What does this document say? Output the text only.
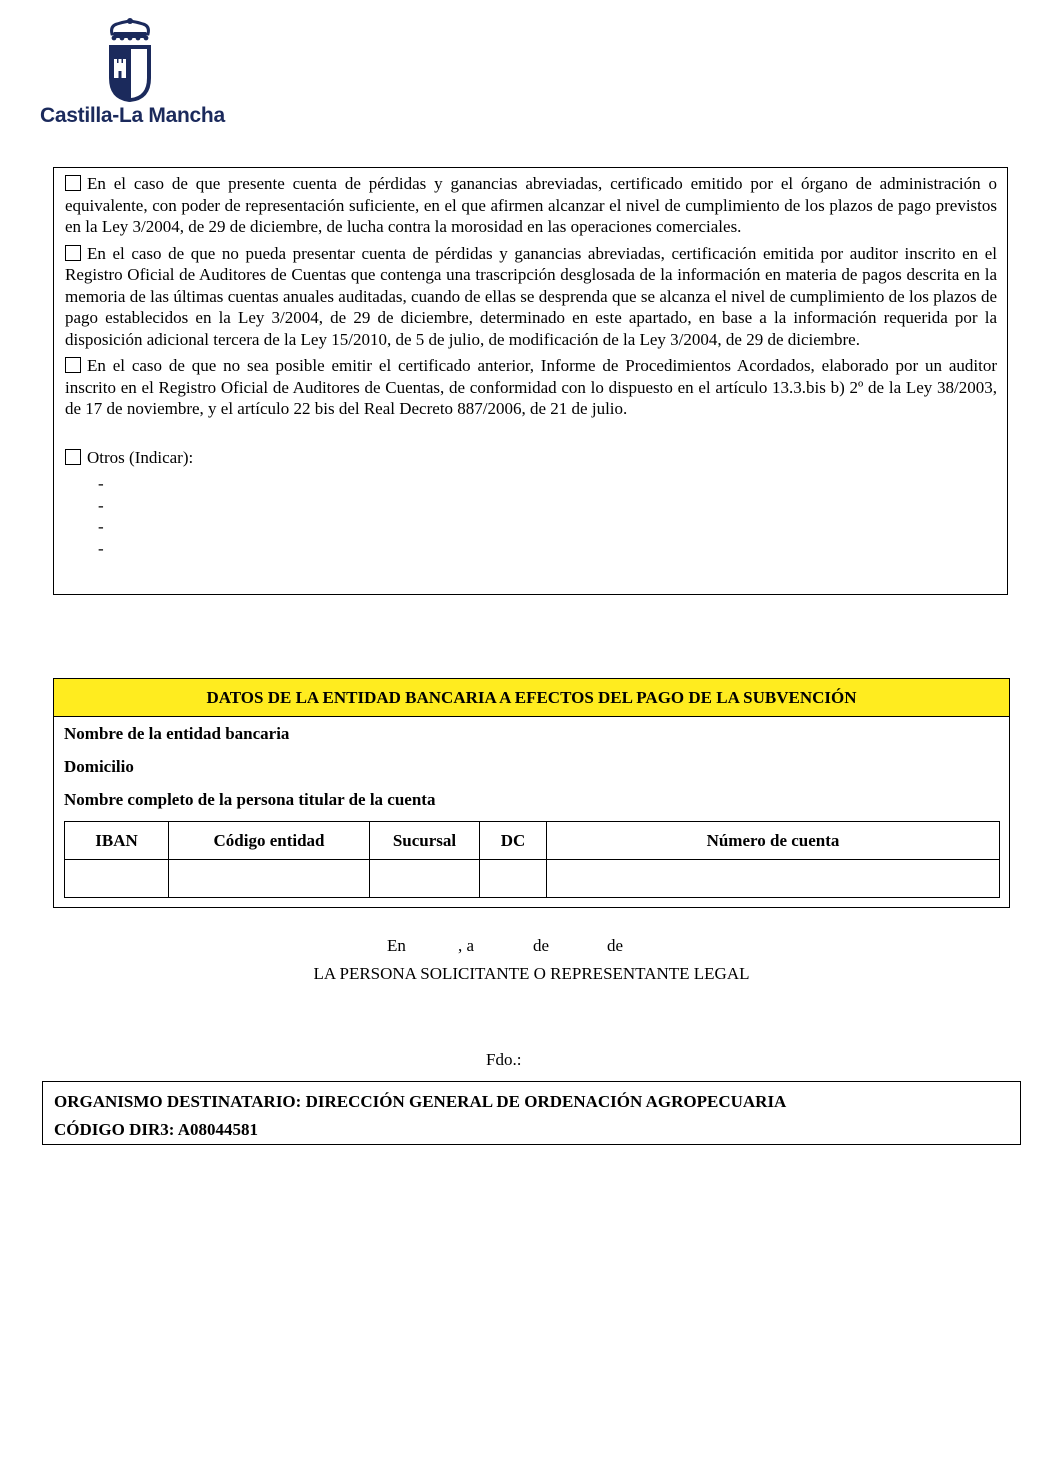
Castilla-La Mancha

En el caso de que presente cuenta de pérdidas y ganancias abreviadas, certificado emitido por el órgano de administración o equivalente, con poder de representación suficiente, en el que afirmen alcanzar el nivel de cumplimiento de los plazos de pago previstos en la Ley 3/2004, de 29 de diciembre, de lucha contra la morosidad en las operaciones comerciales.

En el caso de que no pueda presentar cuenta de pérdidas y ganancias abreviadas, certificación emitida por auditor inscrito en el Registro Oficial de Auditores de Cuentas que contenga una trascripción desglosada de la información en materia de pagos descrita en la memoria de las últimas cuentas anuales auditadas, cuando de ellas se desprenda que se alcanza el nivel de cumplimiento de los plazos de pago establecidos en la Ley 3/2004, de 29 de diciembre, determinado en este apartado, en base a la información requerida por la disposición adicional tercera de la Ley 15/2010, de 5 de julio, de modificación de la Ley 3/2004, de 29 de diciembre.

En el caso de que no sea posible emitir el certificado anterior, Informe de Procedimientos Acordados, elaborado por un auditor inscrito en el Registro Oficial de Auditores de Cuentas, de conformidad con lo dispuesto en el artículo 13.3.bis b) 2º de la Ley 38/2003, de 17 de noviembre, y el artículo 22 bis del Real Decreto 887/2006, de 21 de julio.

Otros (Indicar):

-
-
-
-
DATOS DE LA ENTIDAD BANCARIA A EFECTOS DEL PAGO DE LA SUBVENCIÓN
Nombre de la entidad bancaria
Domicilio
Nombre completo de la persona titular de la cuenta
IBAN	Código entidad	Sucursal	DC	Número de cuenta

En	, a	de	de
LA PERSONA SOLICITANTE O REPRESENTANTE LEGAL
Fdo.:
ORGANISMO DESTINATARIO: DIRECCIÓN GENERAL DE ORDENACIÓN AGROPECUARIA
CÓDIGO DIR3: A08044581
